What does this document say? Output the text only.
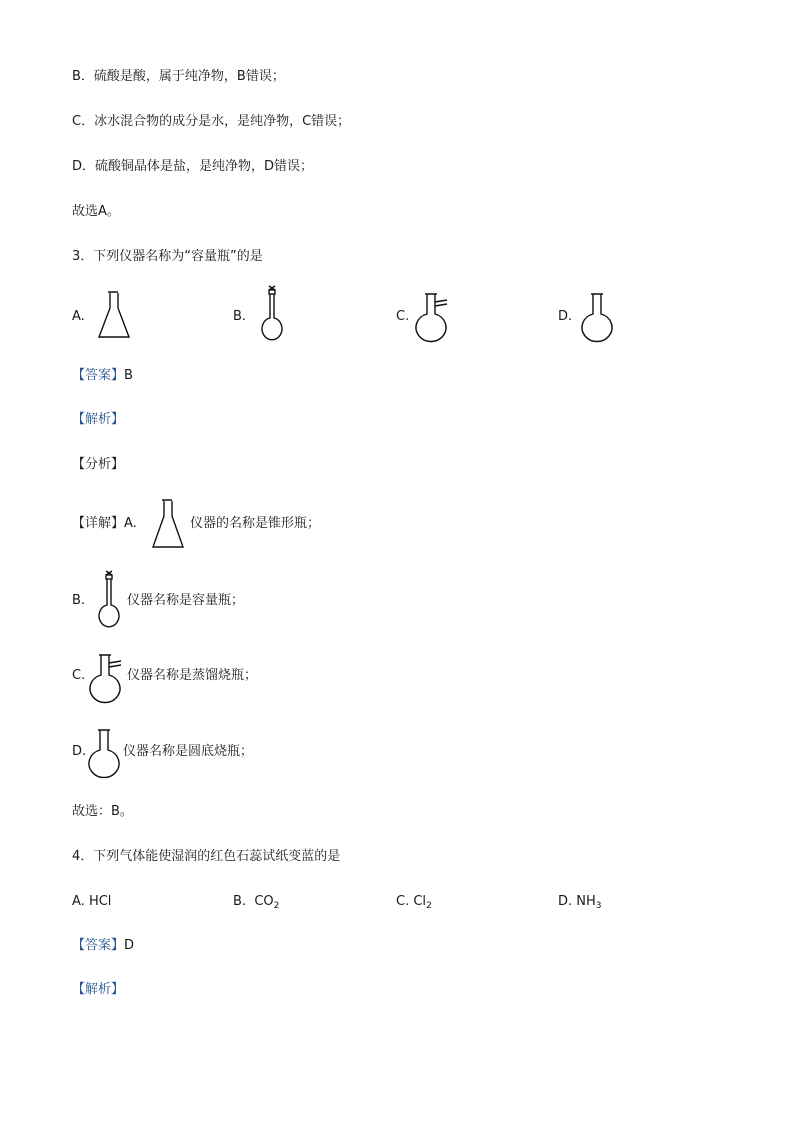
B．硫酸是酸，属于纯净物，B错误；
C．冰水混合物的成分是水，是纯净物，C错误；
D．硫酸铜晶体是盐，是纯净物，D错误；
故选A。
3．下列仪器名称为“容量瓶”的是
A.	B.	C.	D.
【答案】B
【解析】
【分析】
【详解】A.	仪器的名称是锥形瓶；
B.	仪器名称是容量瓶；
C.	仪器名称是蒸馏烧瓶；
D.	仪器名称是圆底烧瓶；
故选：B。
4．下列气体能使湿润的红色石蕊试纸变蓝的是
A. HCl	B. $CO_2$	C. $Cl_2$	D. $NH_3$
【答案】D
【解析】
